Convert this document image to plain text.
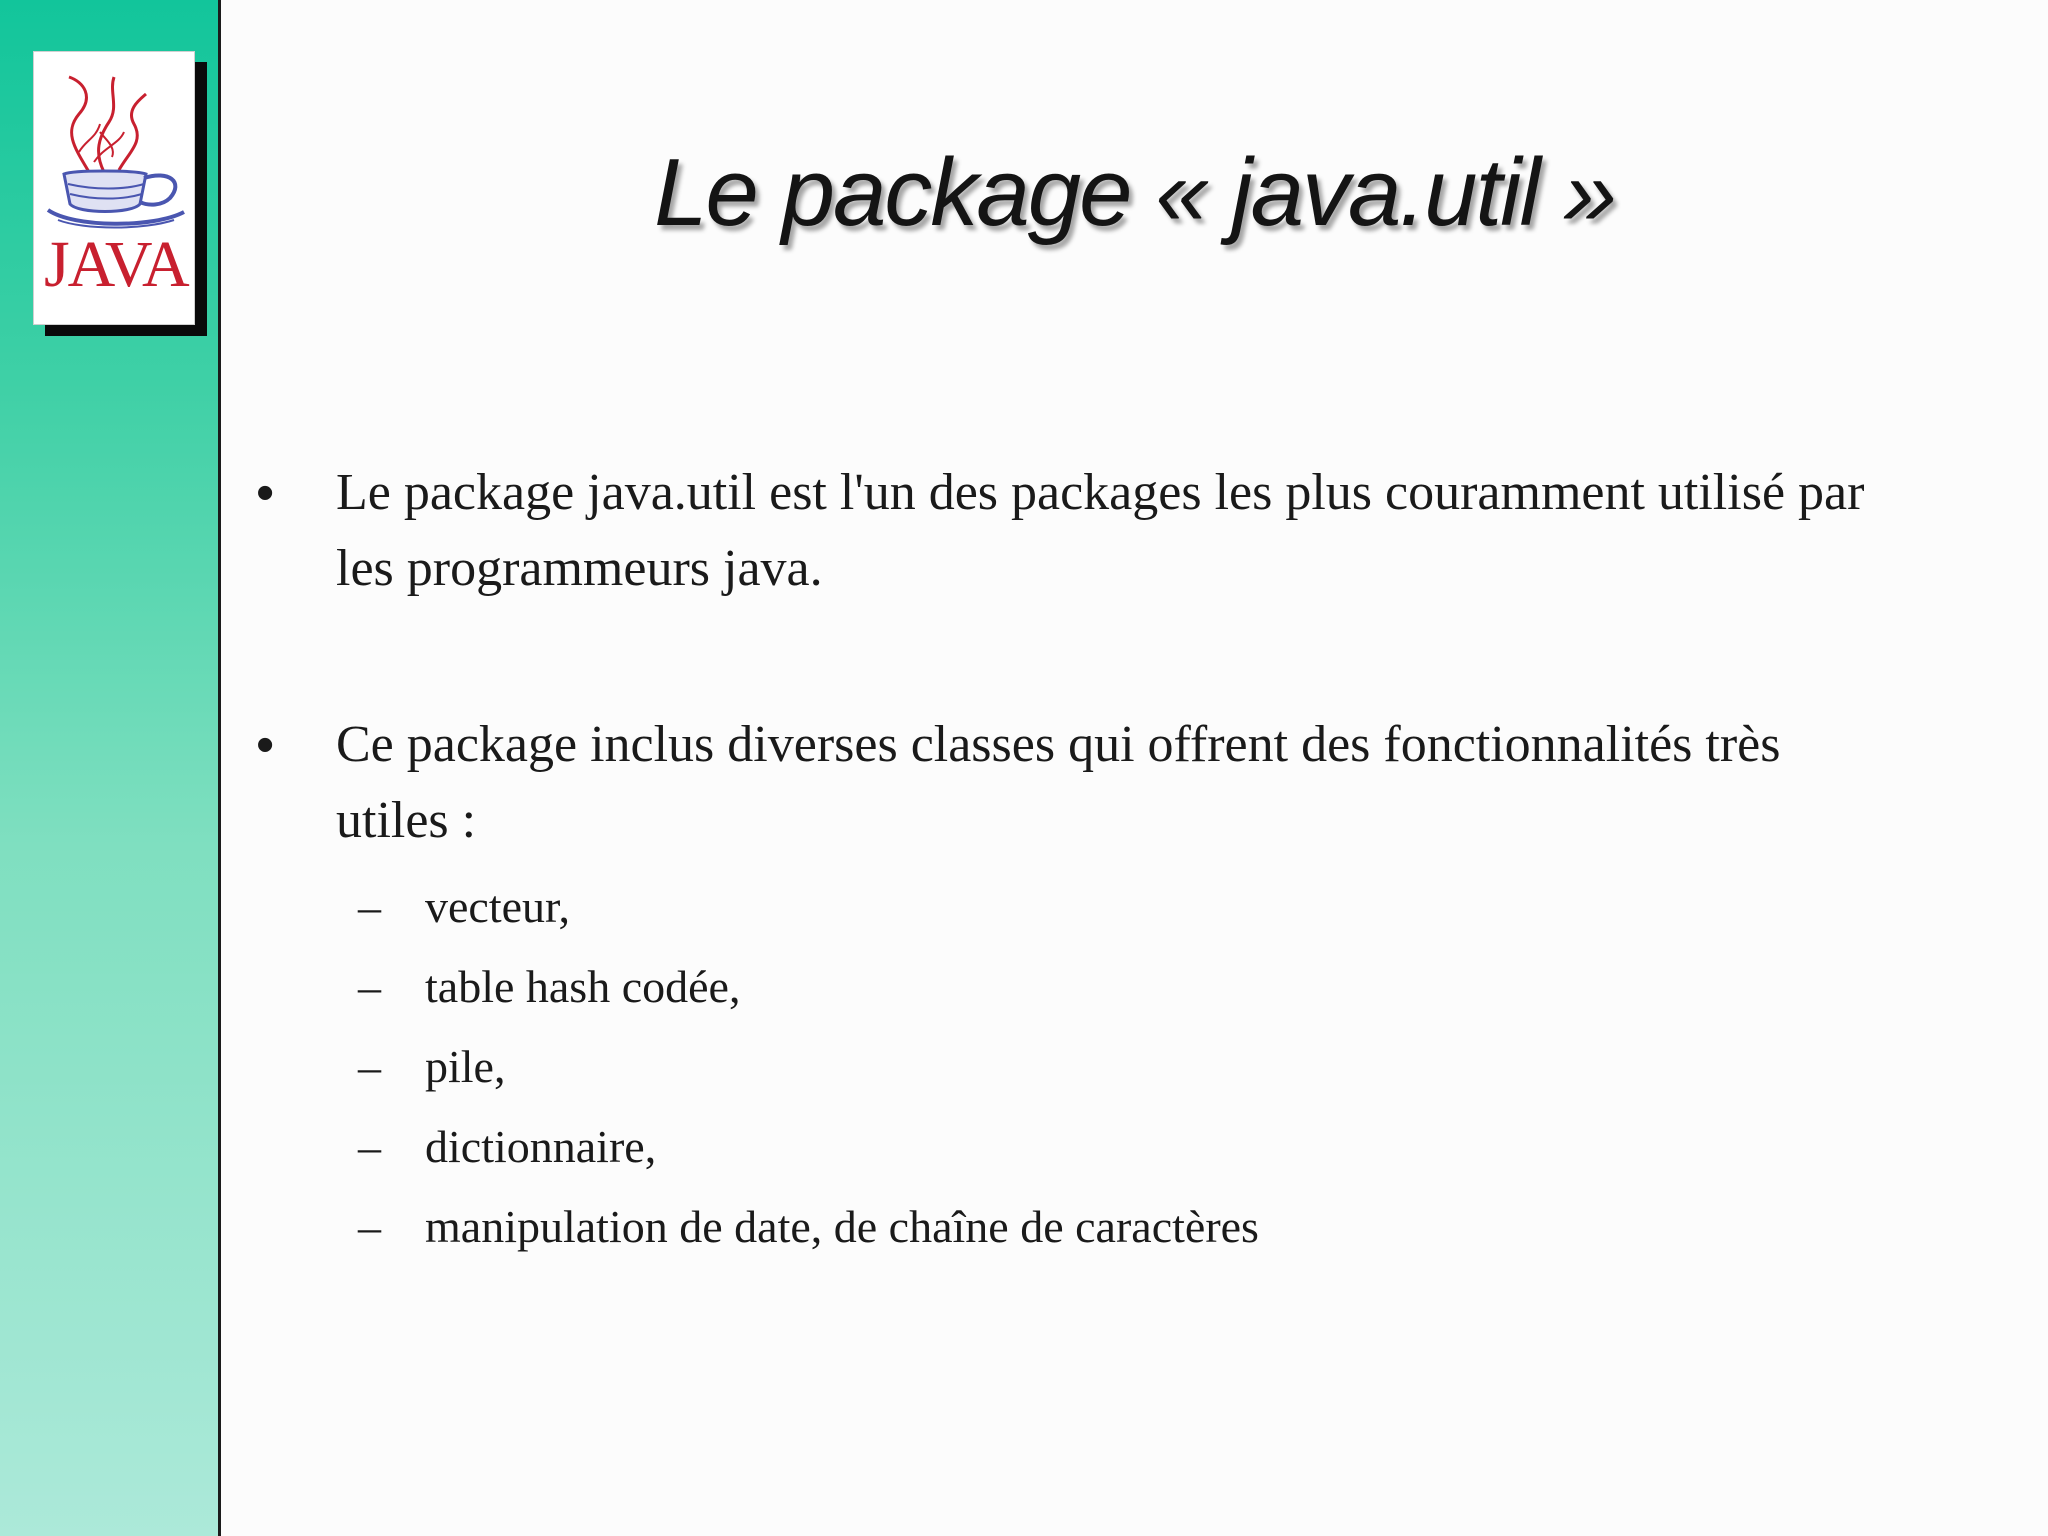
JAVA
Le package « java.util »
•	Le package java.util est l'un des packages les plus couramment utilisé par les programmeurs java.
•	Ce package inclus diverses classes qui offrent des fonctionnalités très utiles :
– vecteur,
– table hash codée,
– pile,
– dictionnaire,
– manipulation de date, de chaîne de caractères
